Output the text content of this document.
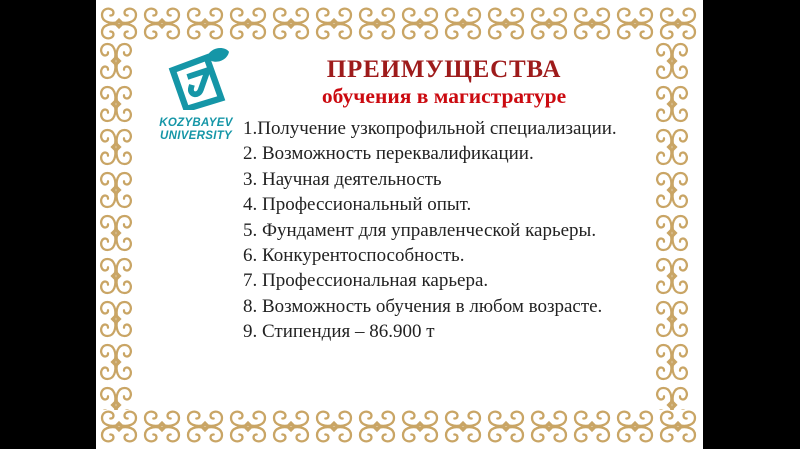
KOZYBAYEV
UNIVERSITY
ПРЕИМУЩЕСТВА
обучения в магистратуре
1.Получение узкопрофильной специализации.
2. Возможность переквалификации.
3. Научная деятельность
4. Профессиональный опыт.
5. Фундамент для управленческой карьеры.
6. Конкурентоспособность.
7. Профессиональная карьера.
8. Возможность обучения в любом возрасте.
9. Стипендия – 86.900 т
